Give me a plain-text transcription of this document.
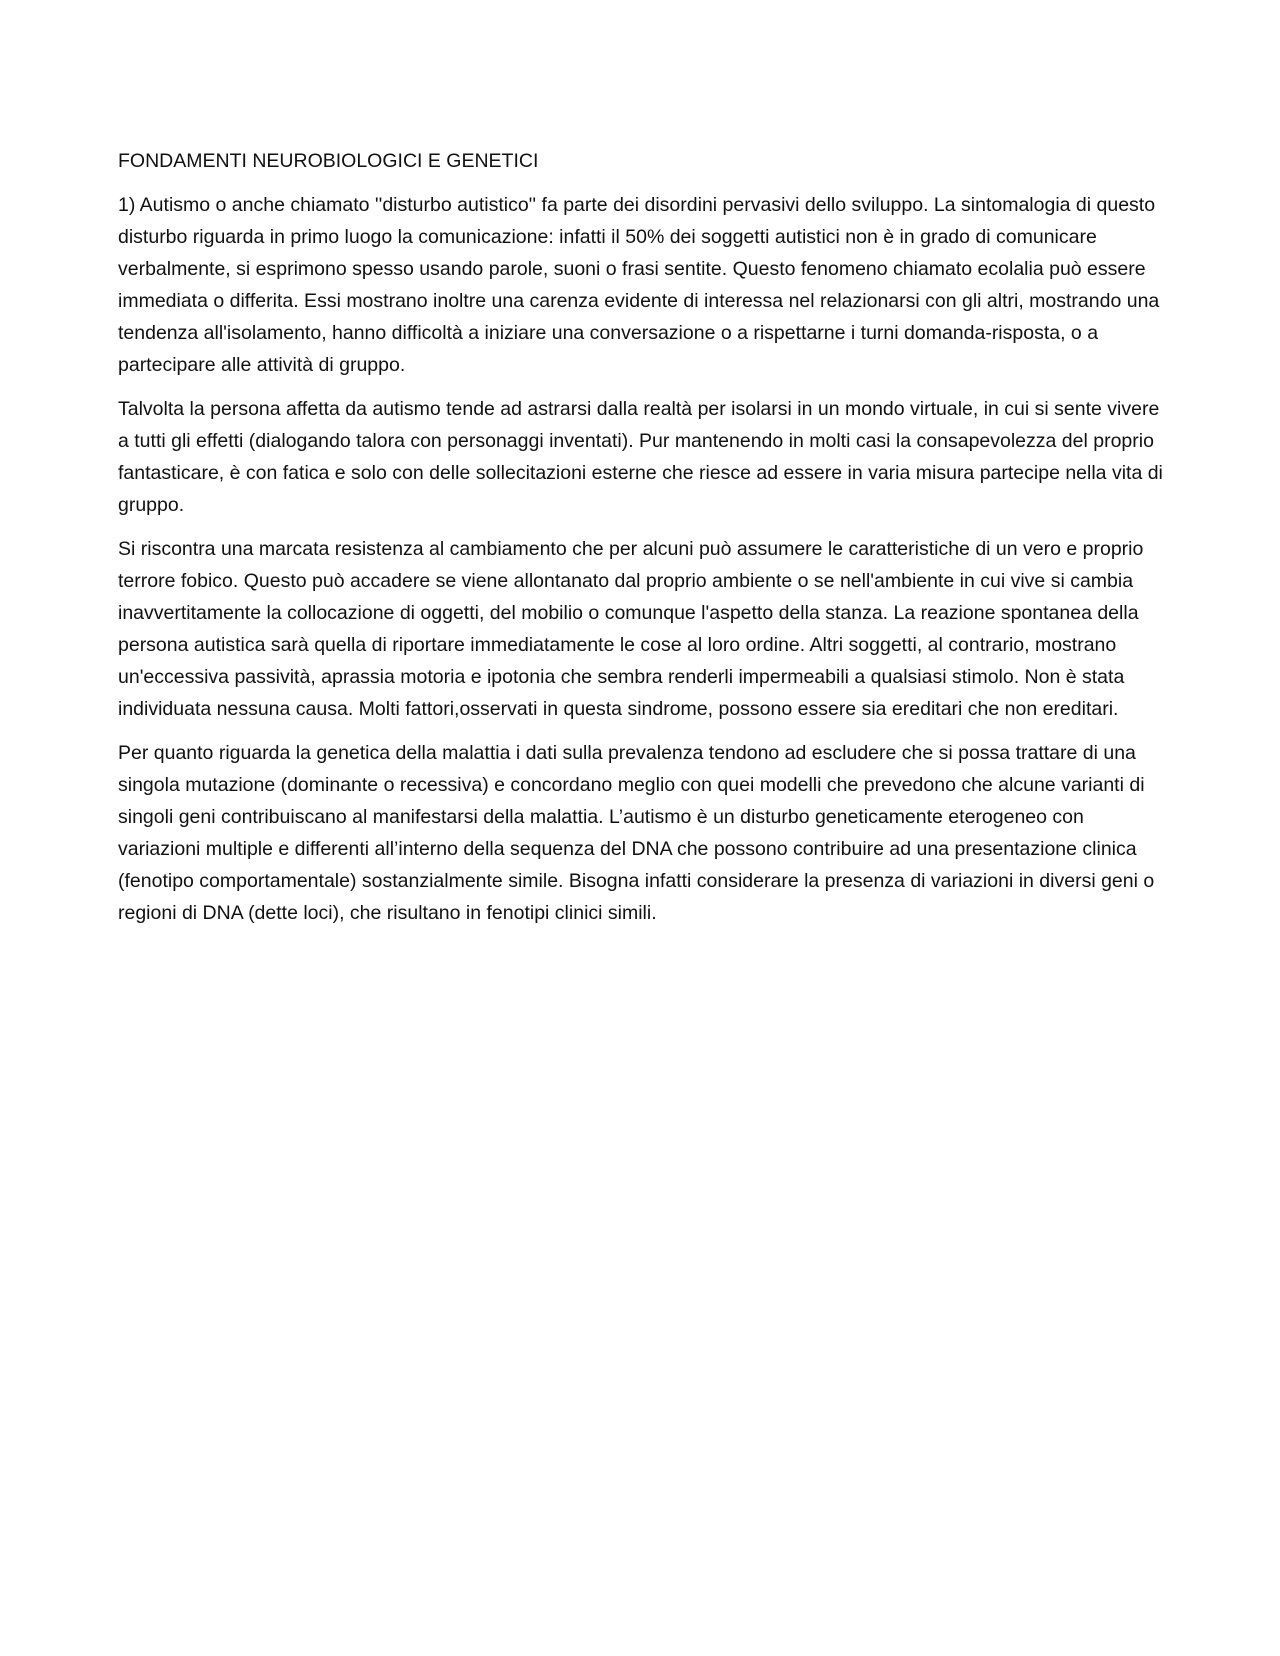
FONDAMENTI NEUROBIOLOGICI E GENETICI

1) Autismo o anche chiamato ''disturbo autistico'' fa parte dei disordini pervasivi dello sviluppo. La sintomalogia di questo disturbo riguarda in primo luogo la comunicazione: infatti il 50% dei soggetti autistici non è in grado di comunicare verbalmente, si esprimono spesso usando parole, suoni o frasi sentite. Questo fenomeno chiamato ecolalia può essere immediata o differita. Essi mostrano inoltre una carenza evidente di interessa nel relazionarsi con gli altri, mostrando una tendenza all'isolamento, hanno difficoltà a iniziare una conversazione o a rispettarne i turni domanda-risposta, o a partecipare alle attività di gruppo.

Talvolta la persona affetta da autismo tende ad astrarsi dalla realtà per isolarsi in un mondo virtuale, in cui si sente vivere a tutti gli effetti (dialogando talora con personaggi inventati). Pur mantenendo in molti casi la consapevolezza del proprio fantasticare, è con fatica e solo con delle sollecitazioni esterne che riesce ad essere in varia misura partecipe nella vita di gruppo.

Si riscontra una marcata resistenza al cambiamento che per alcuni può assumere le caratteristiche di un vero e proprio terrore fobico. Questo può accadere se viene allontanato dal proprio ambiente o se nell'ambiente in cui vive si cambia inavvertitamente la collocazione di oggetti, del mobilio o comunque l'aspetto della stanza. La reazione spontanea della persona autistica sarà quella di riportare immediatamente le cose al loro ordine. Altri soggetti, al contrario, mostrano un'eccessiva passività, aprassia motoria e ipotonia che sembra renderli impermeabili a qualsiasi stimolo. Non è stata individuata nessuna causa. Molti fattori,osservati in questa sindrome, possono essere sia ereditari che non ereditari.

Per quanto riguarda la genetica della malattia i dati sulla prevalenza tendono ad escludere che si possa trattare di una singola mutazione (dominante o recessiva) e concordano meglio con quei modelli che prevedono che alcune varianti di singoli geni contribuiscano al manifestarsi della malattia. L’autismo è un disturbo geneticamente eterogeneo con variazioni multiple e differenti all’interno della sequenza del DNA che possono contribuire ad una presentazione clinica (fenotipo comportamentale) sostanzialmente simile. Bisogna infatti considerare la presenza di variazioni in diversi geni o regioni di DNA (dette loci), che risultano in fenotipi clinici simili.
